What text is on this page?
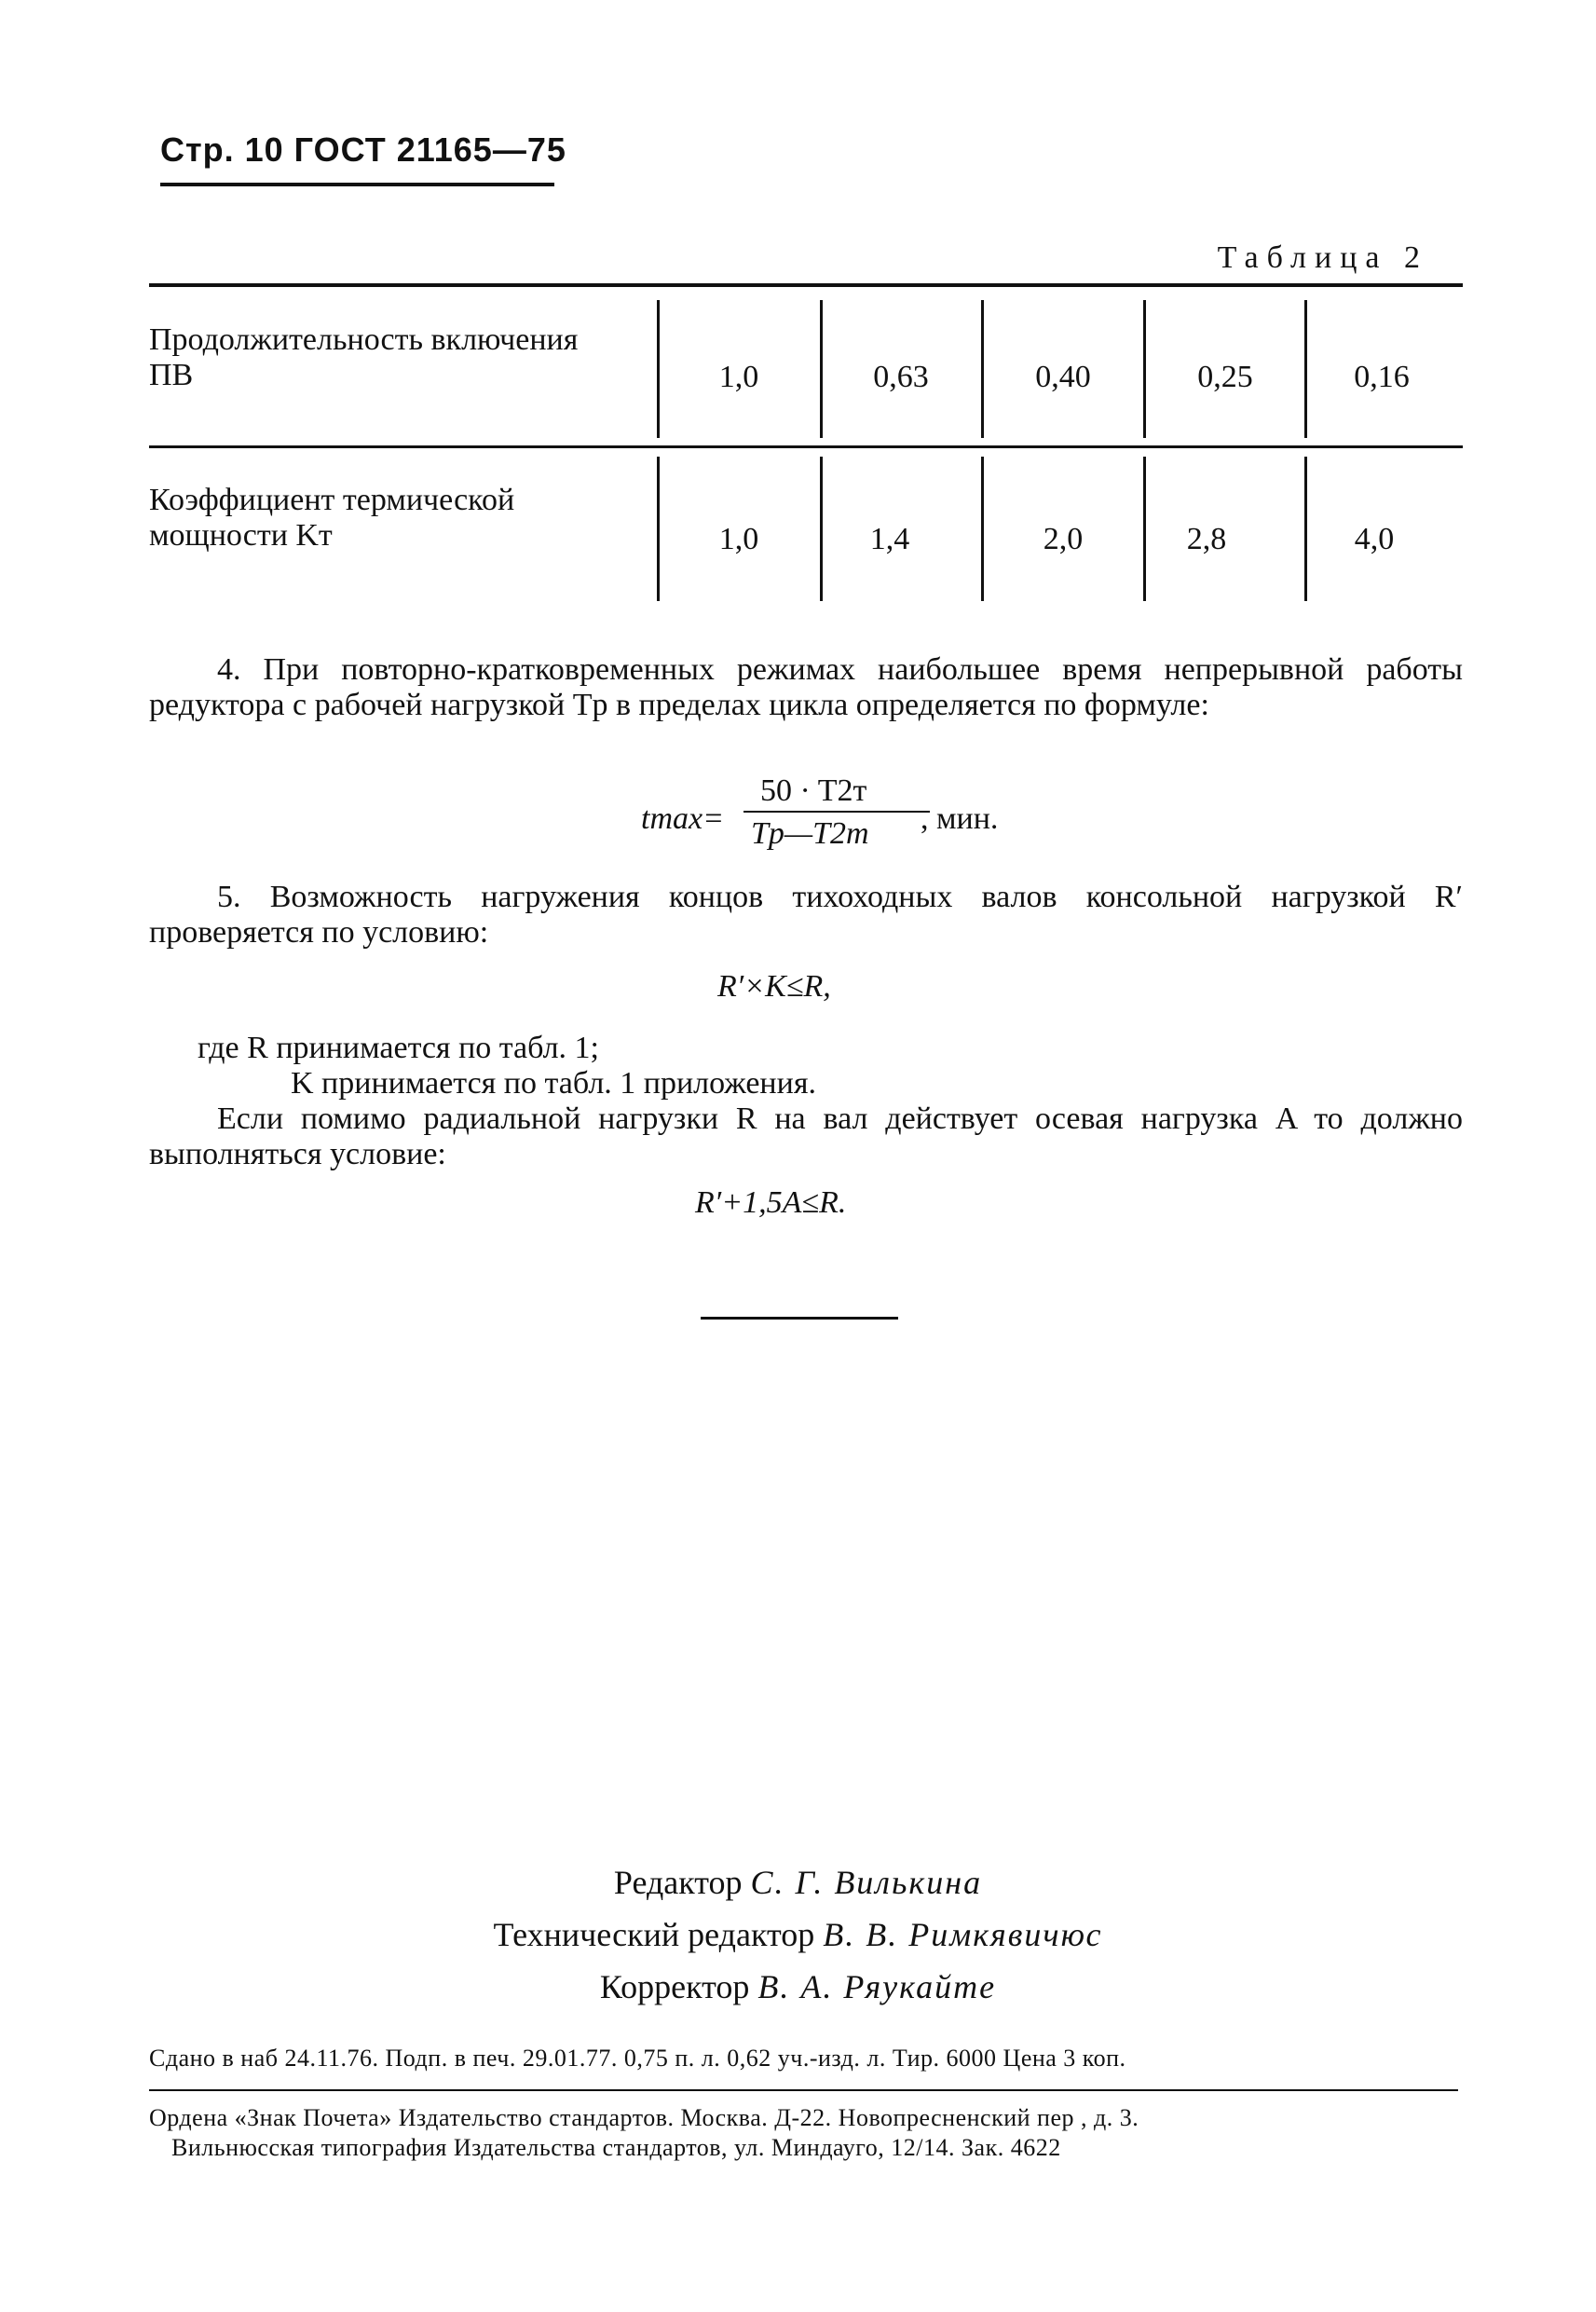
Стр. 10 ГОСТ 21165—75
Таблица 2
Продолжительность включения ПВ	1,0	0,63	0,40	0,25	0,16
Коэффициент термической мощности Kт	1,0	1,4	2,0	2,8	4,0
4. При повторно-кратковременных режимах наибольшее время непрерывной работы редуктора с рабочей нагрузкой Tр в пределах цикла определяется по формуле:
tmax=
50 · T2т
Tр—T2т , мин.
5. Возможность нагружения концов тихоходных валов консольной нагрузкой R′ проверяется по условию:
R′×K≤R,
где R принимается по табл. 1;
K принимается по табл. 1 приложения.
Если помимо радиальной нагрузки R на вал действует осевая нагрузка A то должно выполняться условие:
R′+1,5A≤R.
Редактор С. Г. Вилькина
Технический редактор В. В. Римкявичюс
Корректор В. А. Ряукайте
Сдано в наб 24.11.76. Подп. в печ. 29.01.77. 0,75 п. л. 0,62 уч.-изд. л. Тир. 6000 Цена 3 коп.
Ордена «Знак Почета» Издательство стандартов. Москва. Д-22. Новопресненский пер , д. 3.
Вильнюсская типография Издательства стандартов, ул. Миндауго, 12/14. Зак. 4622
